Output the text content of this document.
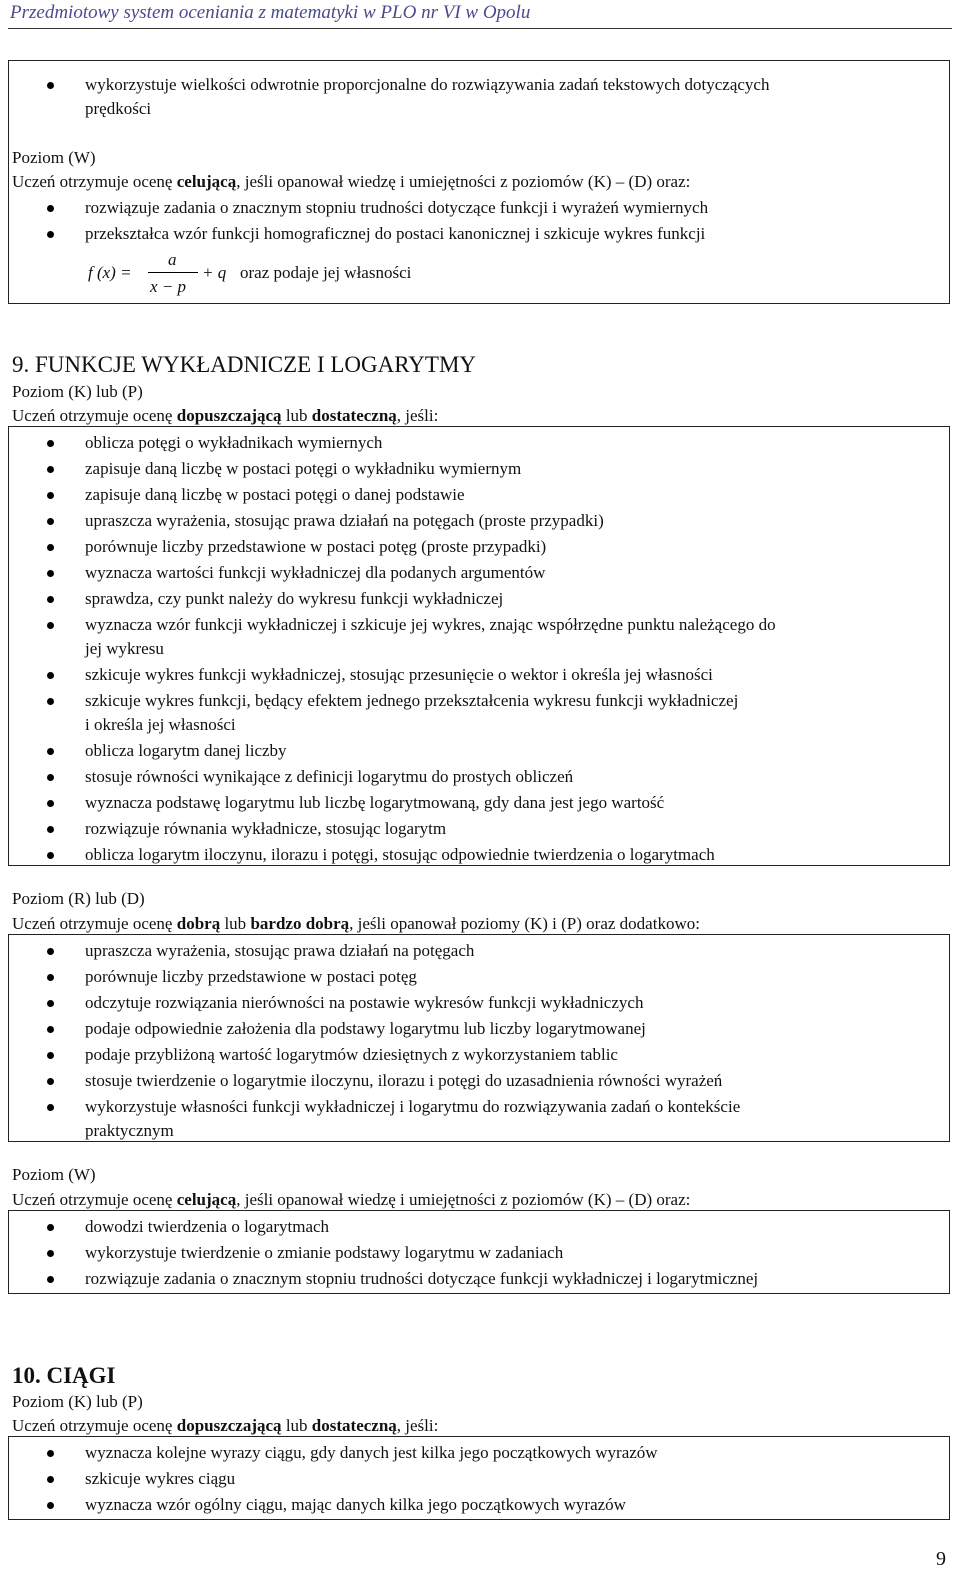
Przedmiotowy system oceniania z matematyki w PLO nr VI w Opolu
wykorzystuje wielkości odwrotnie proporcjonalne do rozwiązywania zadań tekstowych dotyczących
prędkości
Poziom (W)
Uczeń otrzymuje ocenę celującą, jeśli opanował wiedzę i umiejętności z poziomów (K) – (D) oraz:
rozwiązuje zadania o znacznym stopniu trudności dotyczące funkcji i wyrażeń wymiernych
przekształca wzór funkcji homograficznej do postaci kanonicznej i szkicuje wykres funkcji
f (x) =
a
x − p
+ q oraz podaje jej własności
9. FUNKCJE WYKŁADNICZE I LOGARYTMY
Poziom (K) lub (P)
Uczeń otrzymuje ocenę dopuszczającą lub dostateczną, jeśli:
oblicza potęgi o wykładnikach wymiernych
zapisuje daną liczbę w postaci potęgi o wykładniku wymiernym
zapisuje daną liczbę w postaci potęgi o danej podstawie
upraszcza wyrażenia, stosując prawa działań na potęgach (proste przypadki)
porównuje liczby przedstawione w postaci potęg (proste przypadki)
wyznacza wartości funkcji wykładniczej dla podanych argumentów
sprawdza, czy punkt należy do wykresu funkcji wykładniczej
wyznacza wzór funkcji wykładniczej i szkicuje jej wykres, znając współrzędne punktu należącego do
jej wykresu
szkicuje wykres funkcji wykładniczej, stosując przesunięcie o wektor i określa jej własności
szkicuje wykres funkcji, będący efektem jednego przekształcenia wykresu funkcji wykładniczej
i określa jej własności
oblicza logarytm danej liczby
stosuje równości wynikające z definicji logarytmu do prostych obliczeń
wyznacza podstawę logarytmu lub liczbę logarytmowaną, gdy dana jest jego wartość
rozwiązuje równania wykładnicze, stosując logarytm
oblicza logarytm iloczynu, ilorazu i potęgi, stosując odpowiednie twierdzenia o logarytmach
Poziom (R) lub (D)
Uczeń otrzymuje ocenę dobrą lub bardzo dobrą, jeśli opanował poziomy (K) i (P) oraz dodatkowo:
upraszcza wyrażenia, stosując prawa działań na potęgach
porównuje liczby przedstawione w postaci potęg
odczytuje rozwiązania nierówności na postawie wykresów funkcji wykładniczych
podaje odpowiednie założenia dla podstawy logarytmu lub liczby logarytmowanej
podaje przybliżoną wartość logarytmów dziesiętnych z wykorzystaniem tablic
stosuje twierdzenie o logarytmie iloczynu, ilorazu i potęgi do uzasadnienia równości wyrażeń
wykorzystuje własności funkcji wykładniczej i logarytmu do rozwiązywania zadań o kontekście
praktycznym
Poziom (W)
Uczeń otrzymuje ocenę celującą, jeśli opanował wiedzę i umiejętności z poziomów (K) – (D) oraz:
dowodzi twierdzenia o logarytmach
wykorzystuje twierdzenie o zmianie podstawy logarytmu w zadaniach
rozwiązuje zadania o znacznym stopniu trudności dotyczące funkcji wykładniczej i logarytmicznej
10. CIĄGI
Poziom (K) lub (P)
Uczeń otrzymuje ocenę dopuszczającą lub dostateczną, jeśli:
wyznacza kolejne wyrazy ciągu, gdy danych jest kilka jego początkowych wyrazów
szkicuje wykres ciągu
wyznacza wzór ogólny ciągu, mając danych kilka jego początkowych wyrazów
9
